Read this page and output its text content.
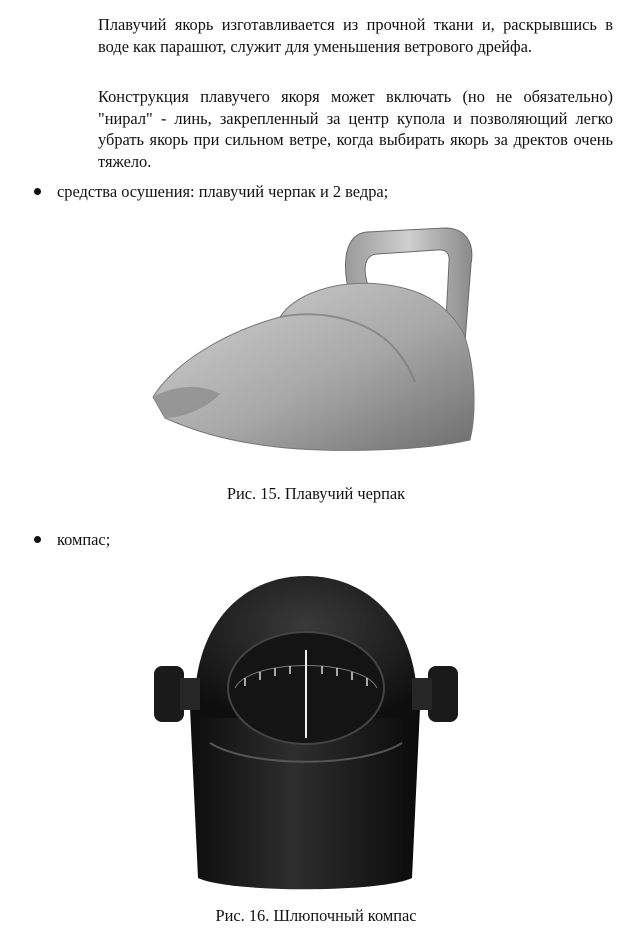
Плавучий якорь изготавливается из прочной ткани и, раскрывшись в воде как парашют, служит для уменьшения ветрового дрейфа.

Конструкция плавучего якоря может включать (но не обязательно) "нирал" - линь, закрепленный за центр купола и позволяющий легко убрать якорь при сильном ветре, когда выбирать якорь за дректов очень тяжело.

средства осушения: плавучий черпак и 2 ведра;
Рис. 15. Плавучий черпак
компас;
Рис. 16. Шлюпочный компас
